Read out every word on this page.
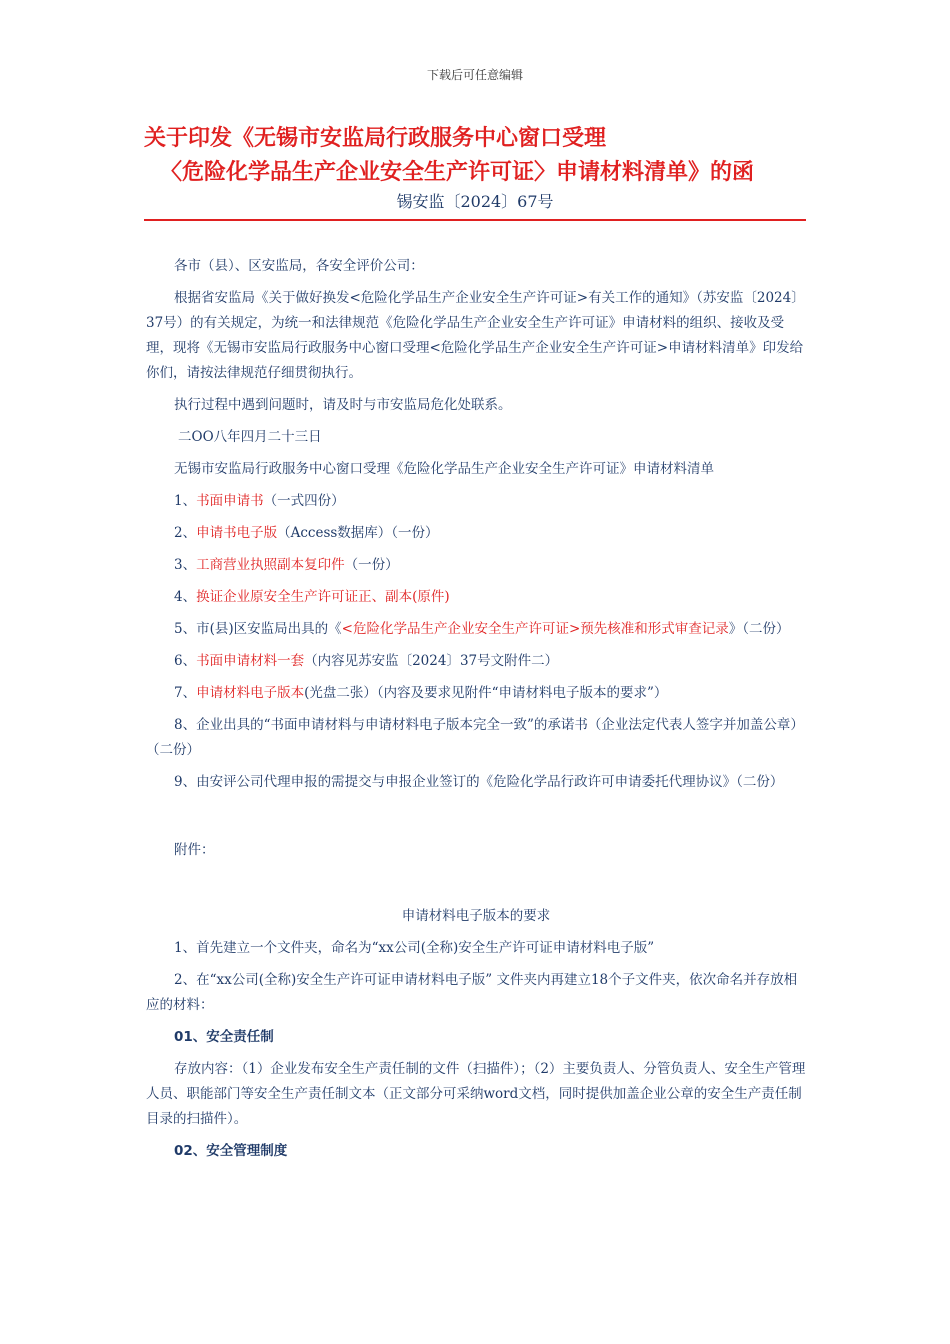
下载后可任意编辑
关于印发《无锡市安监局行政服务中心窗口受理
〈危险化学品生产企业安全生产许可证〉申请材料清单》的函
锡安监〔2024〕67号

各市（县）、区安监局，各安全评价公司：

根据省安监局《关于做好换发<危险化学品生产企业安全生产许可证>有关工作的通知》（苏安监〔2024〕37号）的有关规定，为统一和法律规范《危险化学品生产企业安全生产许可证》申请材料的组织、接收及受理，现将《无锡市安监局行政服务中心窗口受理<危险化学品生产企业安全生产许可证>申请材料清单》印发给你们，请按法律规范仔细贯彻执行。

执行过程中遇到问题时，请及时与市安监局危化处联系。

二OO八年四月二十三日

无锡市安监局行政服务中心窗口受理《危险化学品生产企业安全生产许可证》申请材料清单

1、书面申请书（一式四份）

2、申请书电子版（Access数据库）（一份）

3、工商营业执照副本复印件（一份）

4、换证企业原安全生产许可证正、副本(原件)

5、市(县)区安监局出具的《<危险化学品生产企业安全生产许可证>预先核准和形式审查记录》（二份）

6、书面申请材料一套（内容见苏安监〔2024〕37号文附件二）

7、申请材料电子版本(光盘二张）（内容及要求见附件“申请材料电子版本的要求”）

8、企业出具的“书面申请材料与申请材料电子版本完全一致”的承诺书（企业法定代表人签字并加盖公章）（二份）

9、由安评公司代理申报的需提交与申报企业签订的《危险化学品行政许可申请委托代理协议》（二份）

附件：

申请材料电子版本的要求

1、首先建立一个文件夹，命名为“xx公司(全称)安全生产许可证申请材料电子版”

2、在“xx公司(全称)安全生产许可证申请材料电子版” 文件夹内再建立18个子文件夹，依次命名并存放相应的材料：

01、安全责任制

存放内容：（1）企业发布安全生产责任制的文件（扫描件）；（2）主要负责人、分管负责人、安全生产管理人员、职能部门等安全生产责任制文本（正文部分可采纳word文档，同时提供加盖企业公章的安全生产责任制目录的扫描件）。

02、安全管理制度
